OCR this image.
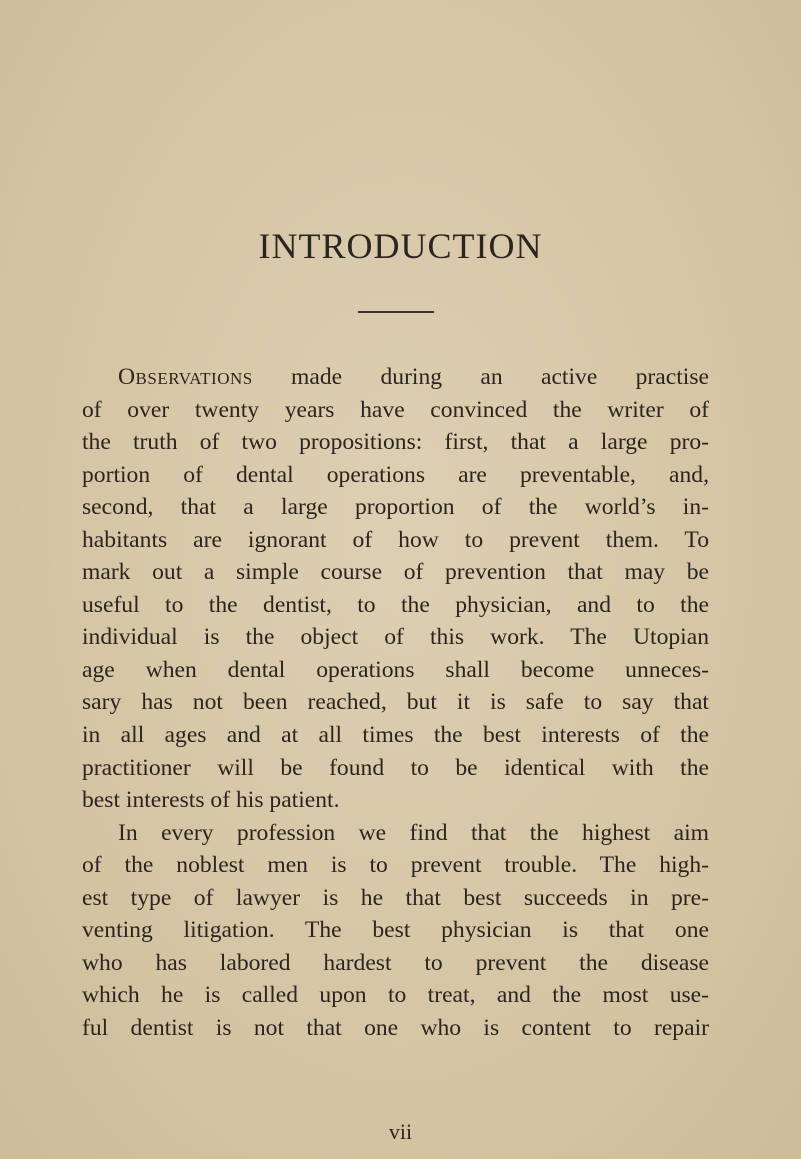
INTRODUCTION
Observations made during an active practise
of over twenty years have convinced the writer of
the truth of two propositions: first, that a large pro-
portion of dental operations are preventable, and,
second, that a large proportion of the world’s in-
habitants are ignorant of how to prevent them. To
mark out a simple course of prevention that may be
useful to the dentist, to the physician, and to the
individual is the object of this work. The Utopian
age when dental operations shall become unneces-
sary has not been reached, but it is safe to say that
in all ages and at all times the best interests of the
practitioner will be found to be identical with the
best interests of his patient.
In every profession we find that the highest aim
of the noblest men is to prevent trouble. The high-
est type of lawyer is he that best succeeds in pre-
venting litigation. The best physician is that one
who has labored hardest to prevent the disease
which he is called upon to treat, and the most use-
ful dentist is not that one who is content to repair
vii
